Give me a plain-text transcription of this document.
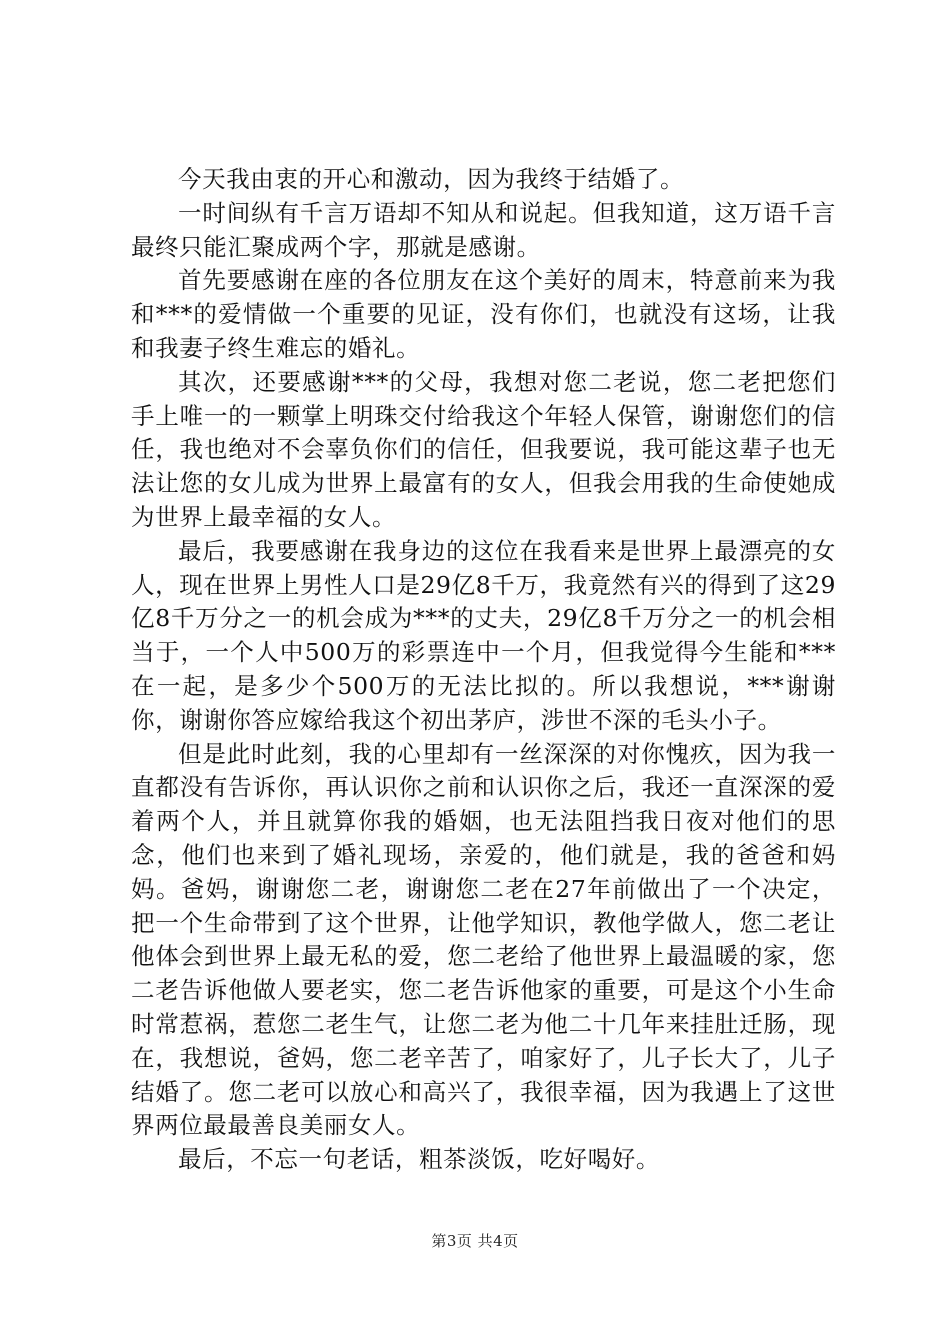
今天我由衷的开心和激动，因为我终于结婚了。

一时间纵有千言万语却不知从和说起。但我知道，这万语千言最终只能汇聚成两个字，那就是感谢。

首先要感谢在座的各位朋友在这个美好的周末，特意前来为我和***的爱情做一个重要的见证，没有你们，也就没有这场，让我和我妻子终生难忘的婚礼。

其次，还要感谢***的父母，我想对您二老说，您二老把您们手上唯一的一颗掌上明珠交付给我这个年轻人保管，谢谢您们的信任，我也绝对不会辜负你们的信任，但我要说，我可能这辈子也无法让您的女儿成为世界上最富有的女人，但我会用我的生命使她成为世界上最幸福的女人。

最后，我要感谢在我身边的这位在我看来是世界上最漂亮的女人，现在世界上男性人口是29亿8千万，我竟然有兴的得到了这29亿8千万分之一的机会成为***的丈夫，29亿8千万分之一的机会相当于，一个人中500万的彩票连中一个月，但我觉得今生能和***在一起，是多少个500万的无法比拟的。所以我想说，***谢谢你，谢谢你答应嫁给我这个初出茅庐，涉世不深的毛头小子。

但是此时此刻，我的心里却有一丝深深的对你愧疚，因为我一直都没有告诉你，再认识你之前和认识你之后，我还一直深深的爱着两个人，并且就算你我的婚姻，也无法阻挡我日夜对他们的思念，他们也来到了婚礼现场，亲爱的，他们就是，我的爸爸和妈妈。爸妈，谢谢您二老，谢谢您二老在27年前做出了一个决定，把一个生命带到了这个世界，让他学知识，教他学做人，您二老让他体会到世界上最无私的爱，您二老给了他世界上最温暖的家，您二老告诉他做人要老实，您二老告诉他家的重要，可是这个小生命时常惹祸，惹您二老生气，让您二老为他二十几年来挂肚迁肠，现在，我想说，爸妈，您二老辛苦了，咱家好了，儿子长大了，儿子结婚了。您二老可以放心和高兴了，我很幸福，因为我遇上了这世界两位最最善良美丽女人。

最后，不忘一句老话，粗茶淡饭，吃好喝好。

第3页 共4页
